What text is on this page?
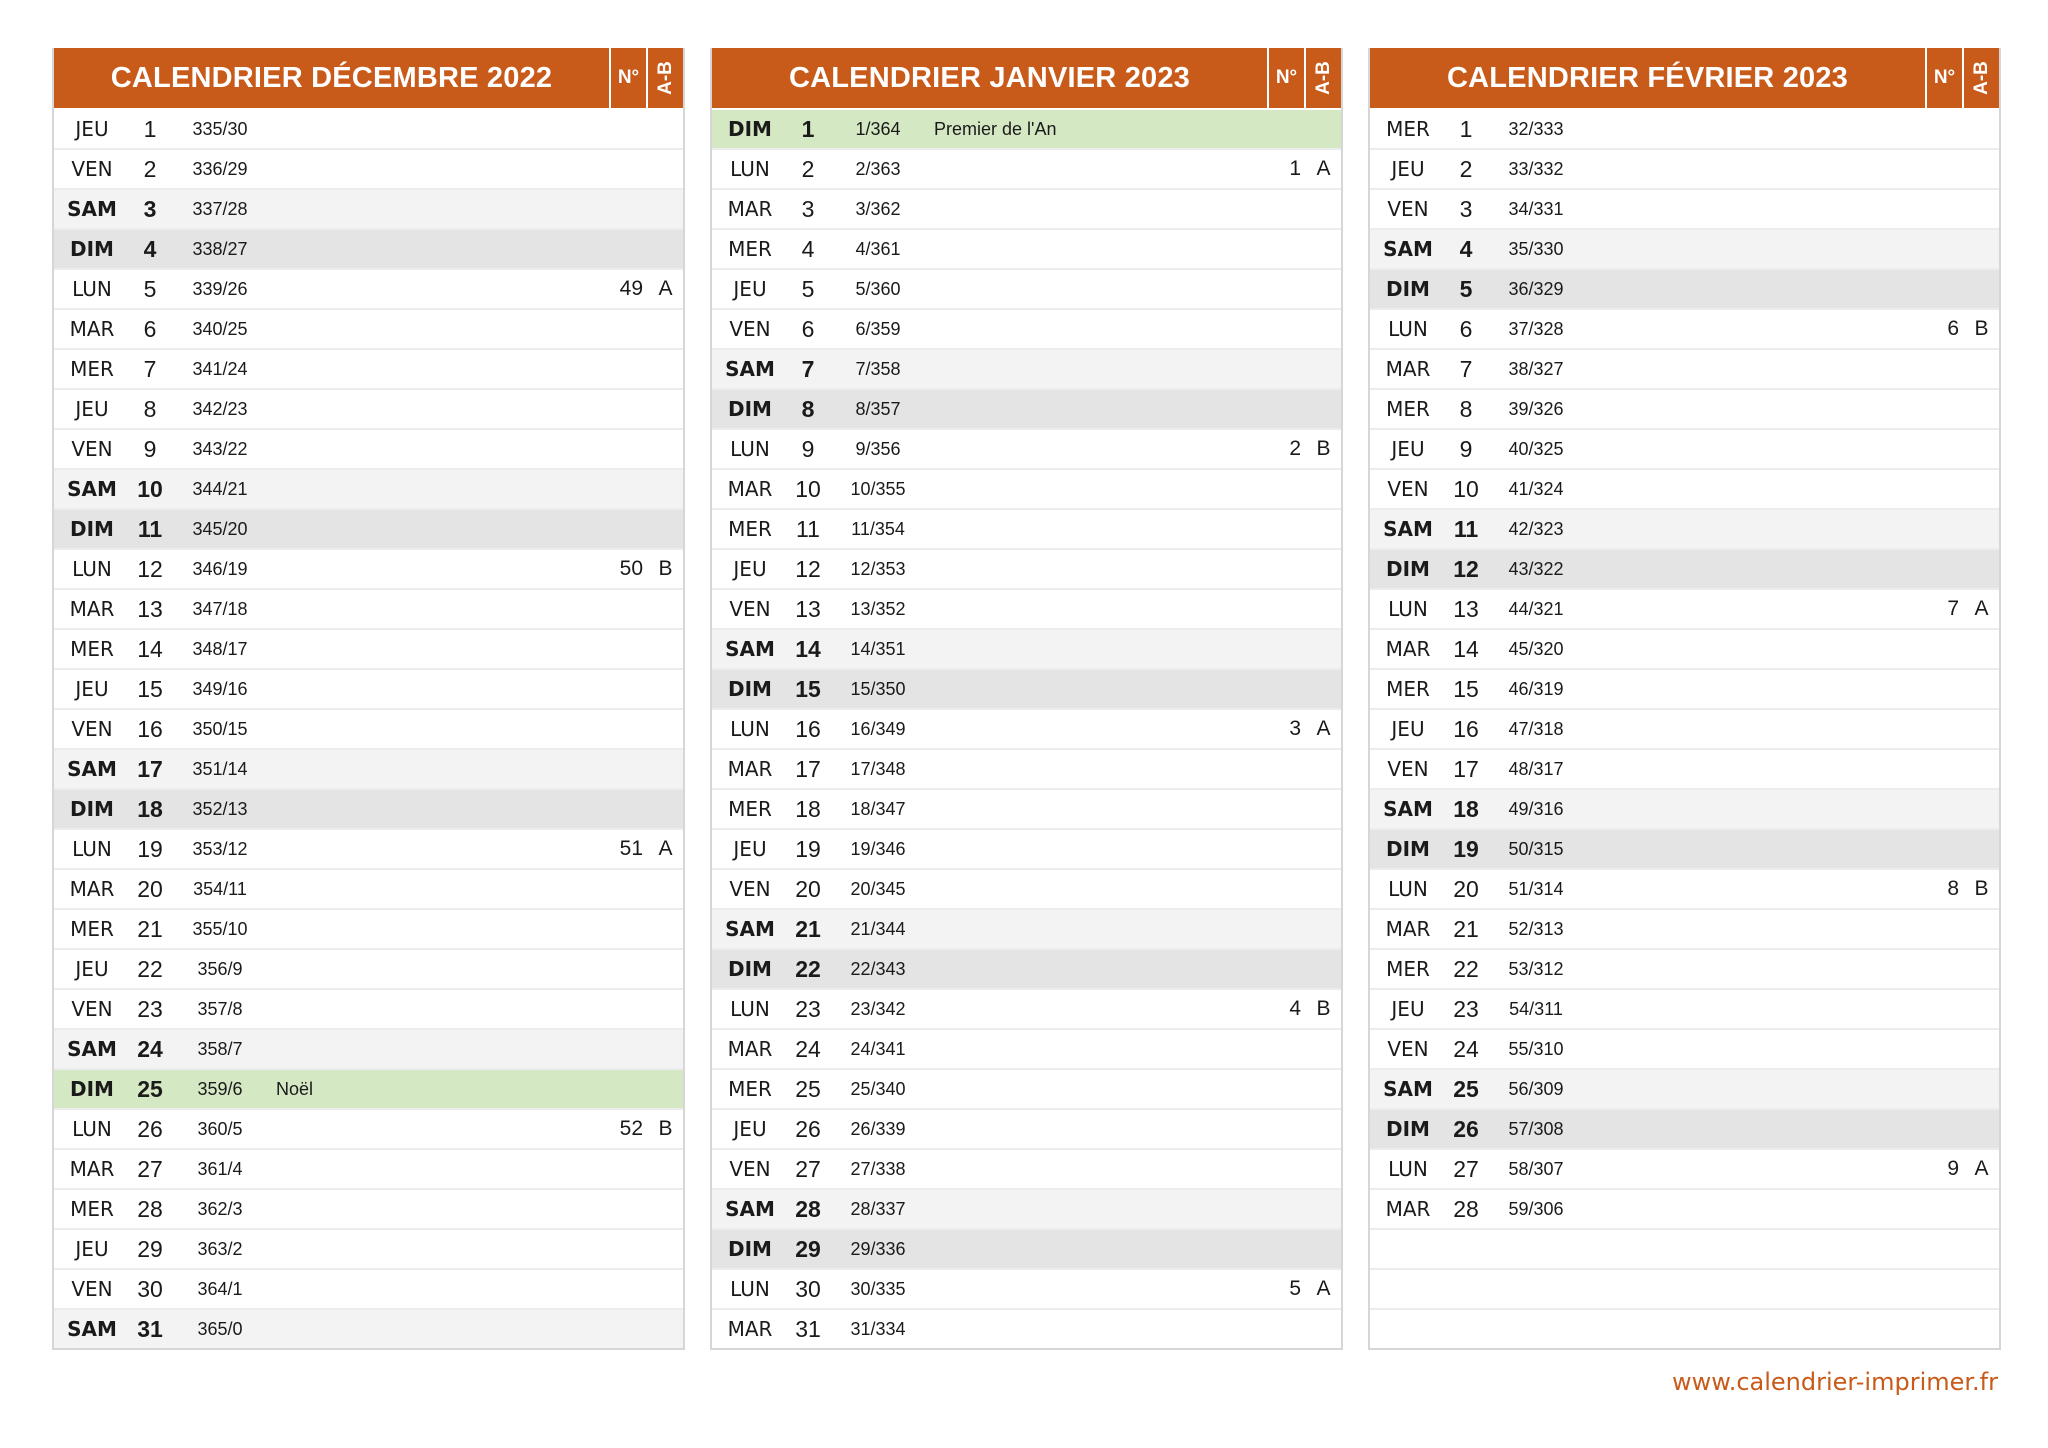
CALENDRIER DÉCEMBRE 2022	N° A-B
JEU	1	335/30
VEN	2	336/29
SAM	3	337/28
DIM	4	338/27
LUN	5	339/26	49 A
MAR	6	340/25
MER	7	341/24
JEU	8	342/23
VEN	9	343/22
SAM 10	344/21
DIM	11	345/20
LUN	12	346/19	50 B
MAR 13	347/18
MER	14	348/17
JEU	15	349/16
VEN	16	350/15
SAM 17	351/14
DIM	18	352/13
LUN	19	353/12	51 A
MAR 20	354/11
MER	21	355/10
JEU	22	356/9
VEN	23	357/8
SAM 24	358/7
DIM	25	359/6	Noël
LUN	26	360/5	52 B
MAR 27	361/4
MER	28	362/3
JEU	29	363/2
VEN	30	364/1
SAM 31	365/0
CALENDRIER JANVIER 2023	N° A-B
DIM	1	1/364	Premier de l'An
LUN	2	2/363	1 A
MAR	3	3/362
MER	4	4/361
JEU	5	5/360
VEN	6	6/359
SAM	7	7/358
DIM	8	8/357
LUN	9	9/356	2 B
MAR 10	10/355
MER	11	11/354
JEU	12	12/353
VEN	13	13/352
SAM 14	14/351
DIM	15	15/350
LUN	16	16/349	3 A
MAR 17	17/348
MER	18	18/347
JEU	19	19/346
VEN	20	20/345
SAM 21	21/344
DIM	22	22/343
LUN	23	23/342	4 B
MAR 24	24/341
MER	25	25/340
JEU	26	26/339
VEN	27	27/338
SAM 28	28/337
DIM	29	29/336
LUN	30	30/335	5 A
MAR 31	31/334
CALENDRIER FÉVRIER 2023	N° A-B
MER	1	32/333
JEU	2	33/332
VEN	3	34/331
SAM	4	35/330
DIM	5	36/329
LUN	6	37/328	6 B
MAR	7	38/327
MER	8	39/326
JEU	9	40/325
VEN	10	41/324
SAM 11	42/323
DIM	12	43/322
LUN	13	44/321	7 A
MAR 14	45/320
MER	15	46/319
JEU	16	47/318
VEN	17	48/317
SAM 18	49/316
DIM	19	50/315
LUN	20	51/314	8 B
MAR 21	52/313
MER	22	53/312
JEU	23	54/311
VEN	24	55/310
SAM 25	56/309
DIM	26	57/308
LUN	27	58/307	9 A
MAR 28	59/306
www.calendrier-imprimer.fr
